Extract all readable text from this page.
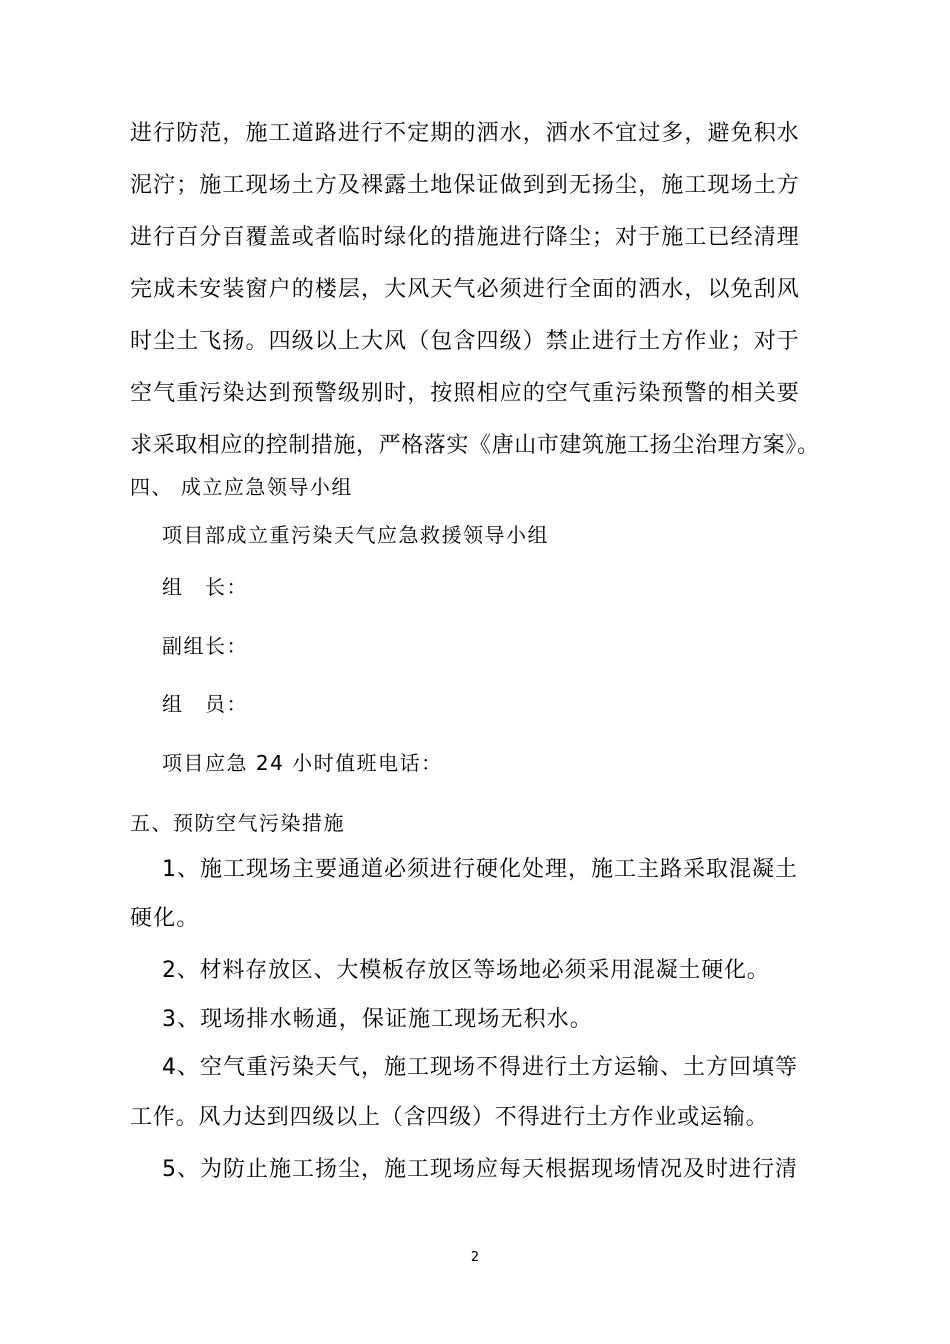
进行防范，施工道路进行不定期的洒水，洒水不宜过多，避免积水
泥泞；施工现场土方及裸露土地保证做到到无扬尘，施工现场土方
进行百分百覆盖或者临时绿化的措施进行降尘；对于施工已经清理
完成未安装窗户的楼层，大风天气必须进行全面的洒水，以免刮风
时尘土飞扬。四级以上大风（包含四级）禁止进行土方作业；对于
空气重污染达到预警级别时，按照相应的空气重污染预警的相关要
求采取相应的控制措施，严格落实《唐山市建筑施工扬尘治理方案》。
四、 成立应急领导小组
项目部成立重污染天气应急救援领导小组
组　长：
副组长：
组　员：
项目应急 24 小时值班电话：
五、预防空气污染措施
1、施工现场主要通道必须进行硬化处理，施工主路采取混凝土
硬化。
2、材料存放区、大模板存放区等场地必须采用混凝土硬化。
3、现场排水畅通，保证施工现场无积水。
4、空气重污染天气，施工现场不得进行土方运输、土方回填等
工作。风力达到四级以上（含四级）不得进行土方作业或运输。
5、为防止施工扬尘，施工现场应每天根据现场情况及时进行清
2
